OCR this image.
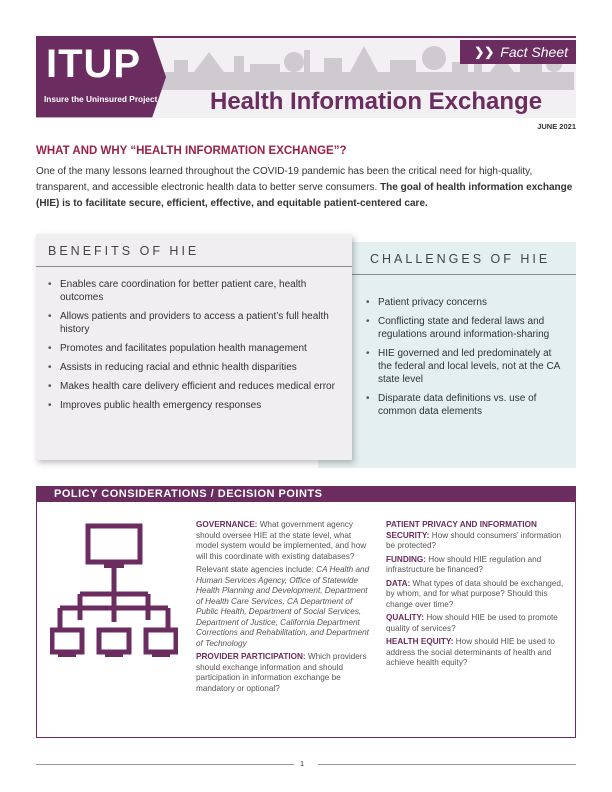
ITUP
Insure the Uninsured Project
❯❯ Fact Sheet
Health Information Exchange
JUNE 2021
WHAT AND WHY “HEALTH INFORMATION EXCHANGE”?
One of the many lessons learned throughout the COVID-19 pandemic has been the critical need for high-quality, transparent, and accessible electronic health data to better serve consumers. The goal of health information exchange (HIE) is to facilitate secure, efficient, effective, and equitable patient-centered care.
CHALLENGES OF HIE
• Patient privacy concerns
• Conflicting state and federal laws and regulations around information-sharing
• HIE governed and led predominately at the federal and local levels, not at the CA state level
• Disparate data definitions vs. use of common data elements
BENEFITS OF HIE
• Enables care coordination for better patient care, health outcomes
• Allows patients and providers to access a patient’s full health history
• Promotes and facilitates population health management
• Assists in reducing racial and ethnic health disparities
• Makes health care delivery efficient and reduces medical error
• Improves public health emergency responses
POLICY CONSIDERATIONS / DECISION POINTS
GOVERNANCE: What government agency should oversee HIE at the state level, what model system would be implemented, and how will this coordinate with existing databases?
Relevant state agencies include: CA Health and Human Services Agency, Office of Statewide Health Planning and Development, Department of Health Care Services, CA Department of Public Health, Department of Social Services, Department of Justice, California Department Corrections and Rehabilitation, and Department of Technology
PROVIDER PARTICIPATION: Which providers should exchange information and should participation in information exchange be mandatory or optional?
PATIENT PRIVACY AND INFORMATION SECURITY: How should consumers’ information be protected?
FUNDING: How should HIE regulation and infrastructure be financed?
DATA: What types of data should be exchanged, by whom, and for what purpose? Should this change over time?
QUALITY: How should HIE be used to promote quality of services?
HEALTH EQUITY: How should HIE be used to address the social determinants of health and achieve health equity?
1
